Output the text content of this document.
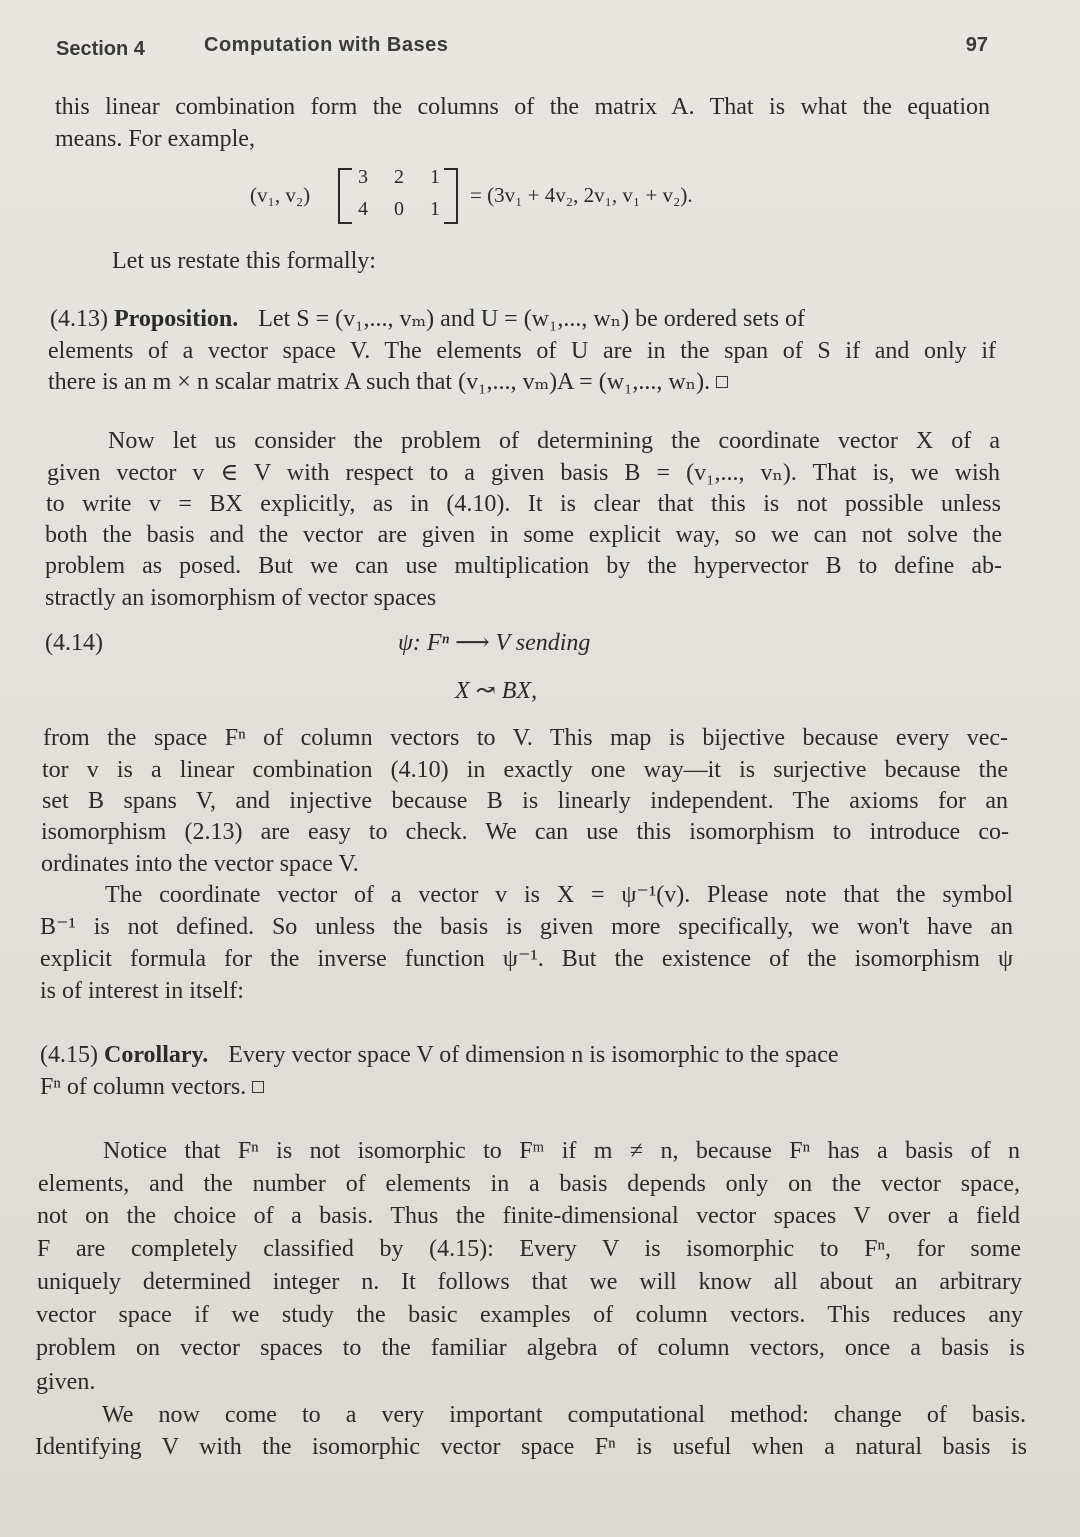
Section 4	Computation with Bases	97
this linear combination form the columns of the matrix A. That is what the equation
means. For example,
(v₁, v₂)
3 2 1
4 0 1
= (3v₁ + 4v₂, 2v₁, v₁ + v₂).
Let us restate this formally:
(4.13) Proposition. Let S = (v₁,..., vₘ) and U = (w₁,..., wₙ) be ordered sets of
elements of a vector space V. The elements of U are in the span of S if and only if
there is an m × n scalar matrix A such that (v₁,..., vₘ)A = (w₁,..., wₙ).
Now let us consider the problem of determining the coordinate vector X of a
given vector v ∈ V with respect to a given basis B = (v₁,..., vₙ). That is, we wish
to write v = BX explicitly, as in (4.10). It is clear that this is not possible unless
both the basis and the vector are given in some explicit way, so we can not solve the
problem as posed. But we can use multiplication by the hypervector B to define ab-
stractly an isomorphism of vector spaces
(4.14)	ψ: Fⁿ ⟶ V sending
X ↝ BX,
from the space Fⁿ of column vectors to V. This map is bijective because every vec-
tor v is a linear combination (4.10) in exactly one way—it is surjective because the
set B spans V, and injective because B is linearly independent. The axioms for an
isomorphism (2.13) are easy to check. We can use this isomorphism to introduce co-
ordinates into the vector space V.
The coordinate vector of a vector v is X = ψ⁻¹(v). Please note that the symbol
B⁻¹ is not defined. So unless the basis is given more specifically, we won't have an
explicit formula for the inverse function ψ⁻¹. But the existence of the isomorphism ψ
is of interest in itself:
(4.15) Corollary. Every vector space V of dimension n is isomorphic to the space
Fⁿ of column vectors.
Notice that Fⁿ is not isomorphic to Fᵐ if m ≠ n, because Fⁿ has a basis of n
elements, and the number of elements in a basis depends only on the vector space,
not on the choice of a basis. Thus the finite-dimensional vector spaces V over a field
F are completely classified by (4.15): Every V is isomorphic to Fⁿ, for some
uniquely determined integer n. It follows that we will know all about an arbitrary
vector space if we study the basic examples of column vectors. This reduces any
problem on vector spaces to the familiar algebra of column vectors, once a basis is
given.
We now come to a very important computational method: change of basis.
Identifying V with the isomorphic vector space Fⁿ is useful when a natural basis is
